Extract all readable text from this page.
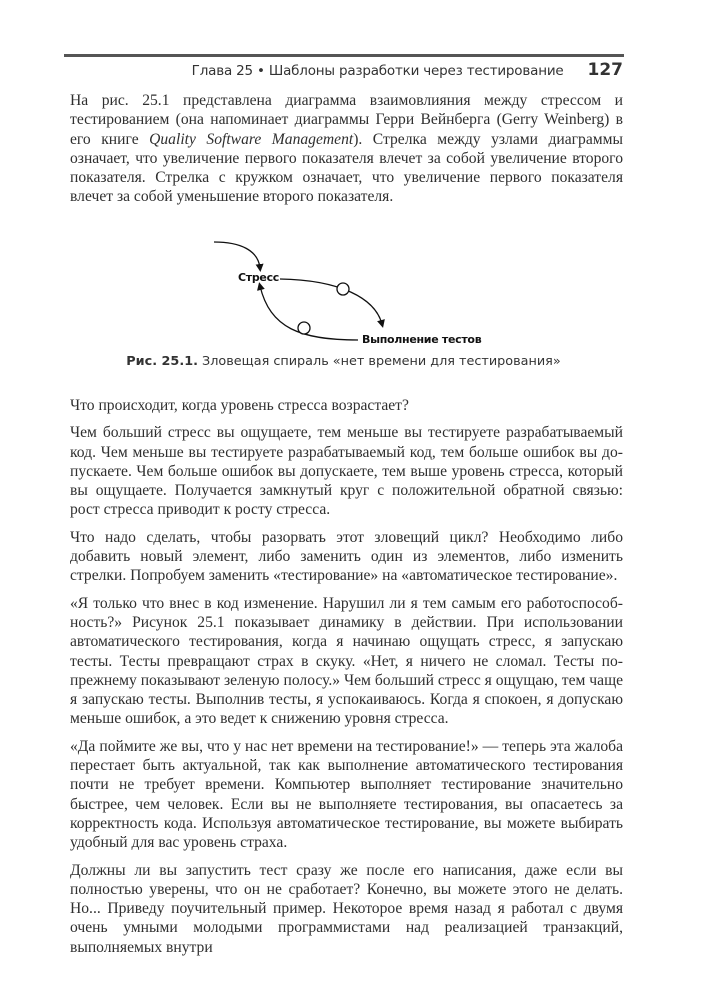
Глава 25 • Шаблоны разработки через тестирование 127

На рис. 25.1 представлена диаграмма взаимовлияния между стрессом и тестированием (она напоминает диаграммы Герри Вейнберга (Gerry Weinberg) в его книге Quality Software Management). Стрелка между узлами диаграммы означает, что увеличение первого показателя влечет за собой увеличение второго показателя. Стрелка с кружком означает, что увеличение первого показателя влечет за собой уменьшение второго показателя.

Стресс
Выполнение тестов
Рис. 25.1. Зловещая спираль «нет времени для тестирования»

Что происходит, когда уровень стресса возрастает?

Чем больший стресс вы ощущаете, тем меньше вы тестируете разрабатываемый код. Чем меньше вы тестируете разрабатываемый код, тем больше ошибок вы допускаете. Чем больше ошибок вы допускаете, тем выше уровень стресса, который вы ощущаете. Получается замкнутый круг с положительной обратной связью: рост стресса приводит к росту стресса.

Что надо сделать, чтобы разорвать этот зловещий цикл? Необходимо либо добавить новый элемент, либо заменить один из элементов, либо изменить стрелки. Попробуем заменить «тестирование» на «автоматическое тестирование».

«Я только что внес в код изменение. Нарушил ли я тем самым его работоспособность?» Рисунок 25.1 показывает динамику в действии. При использовании автоматического тестирования, когда я начинаю ощущать стресс, я запускаю тесты. Тесты превращают страх в скуку. «Нет, я ничего не сломал. Тесты по-прежнему показывают зеленую полосу.» Чем больший стресс я ощущаю, тем чаще я запускаю тесты. Выполнив тесты, я успокаиваюсь. Когда я спокоен, я допускаю меньше ошибок, а это ведет к снижению уровня стресса.

«Да поймите же вы, что у нас нет времени на тестирование!» — теперь эта жалоба перестает быть актуальной, так как выполнение автоматического тестирования почти не требует времени. Компьютер выполняет тестирование значительно быстрее, чем человек. Если вы не выполняете тестирования, вы опасаетесь за корректность кода. Используя автоматическое тестирование, вы можете выбирать удобный для вас уровень страха.

Должны ли вы запустить тест сразу же после его написания, даже если вы полностью уверены, что он не сработает? Конечно, вы можете этого не делать. Но... Приведу поучительный пример. Некоторое время назад я работал с двумя очень умными молодыми программистами над реализацией транзакций, выполняемых внутри
